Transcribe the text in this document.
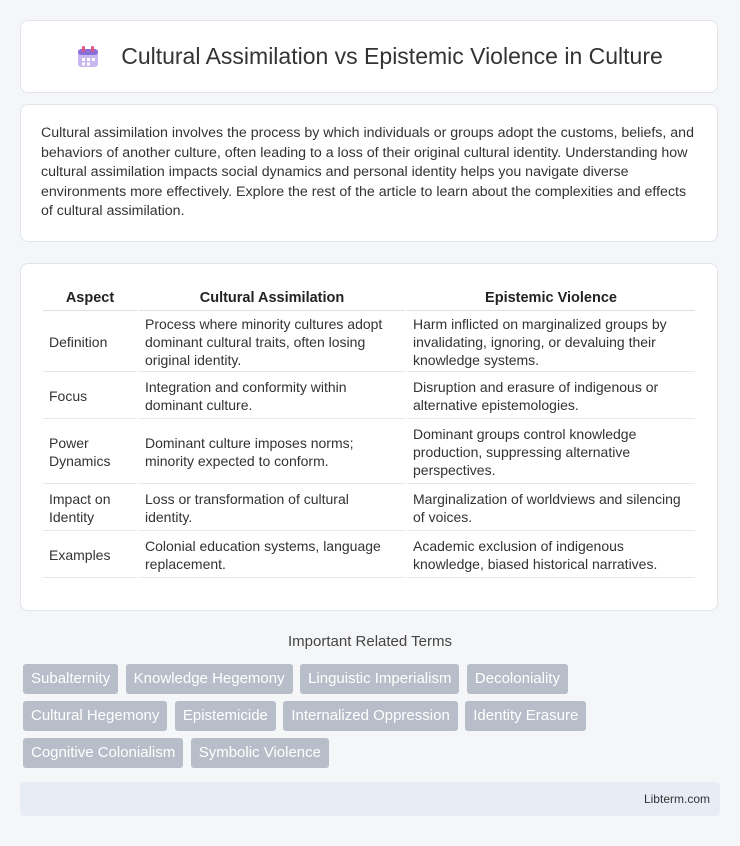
Cultural Assimilation vs Epistemic Violence in Culture

Cultural assimilation involves the process by which individuals or groups adopt the customs, beliefs, and behaviors of another culture, often leading to a loss of their original cultural identity. Understanding how cultural assimilation impacts social dynamics and personal identity helps you navigate diverse environments more effectively. Explore the rest of the article to learn about the complexities and effects of cultural assimilation.

Aspect	Cultural Assimilation	Epistemic Violence
Definition	Process where minority cultures adopt dominant cultural traits, often losing original identity.	Harm inflicted on marginalized groups by invalidating, ignoring, or devaluing their knowledge systems.
Focus	Integration and conformity within dominant culture.	Disruption and erasure of indigenous or alternative epistemologies.
Power Dynamics	Dominant culture imposes norms; minority expected to conform.	Dominant groups control knowledge production, suppressing alternative perspectives.
Impact on Identity	Loss or transformation of cultural identity.	Marginalization of worldviews and silencing of voices.
Examples	Colonial education systems, language replacement.	Academic exclusion of indigenous knowledge, biased historical narratives.
Important Related Terms
Subalternity Knowledge Hegemony Linguistic Imperialism Decoloniality
Cultural Hegemony Epistemicide Internalized Oppression Identity Erasure
Cognitive Colonialism Symbolic Violence
Libterm.com
